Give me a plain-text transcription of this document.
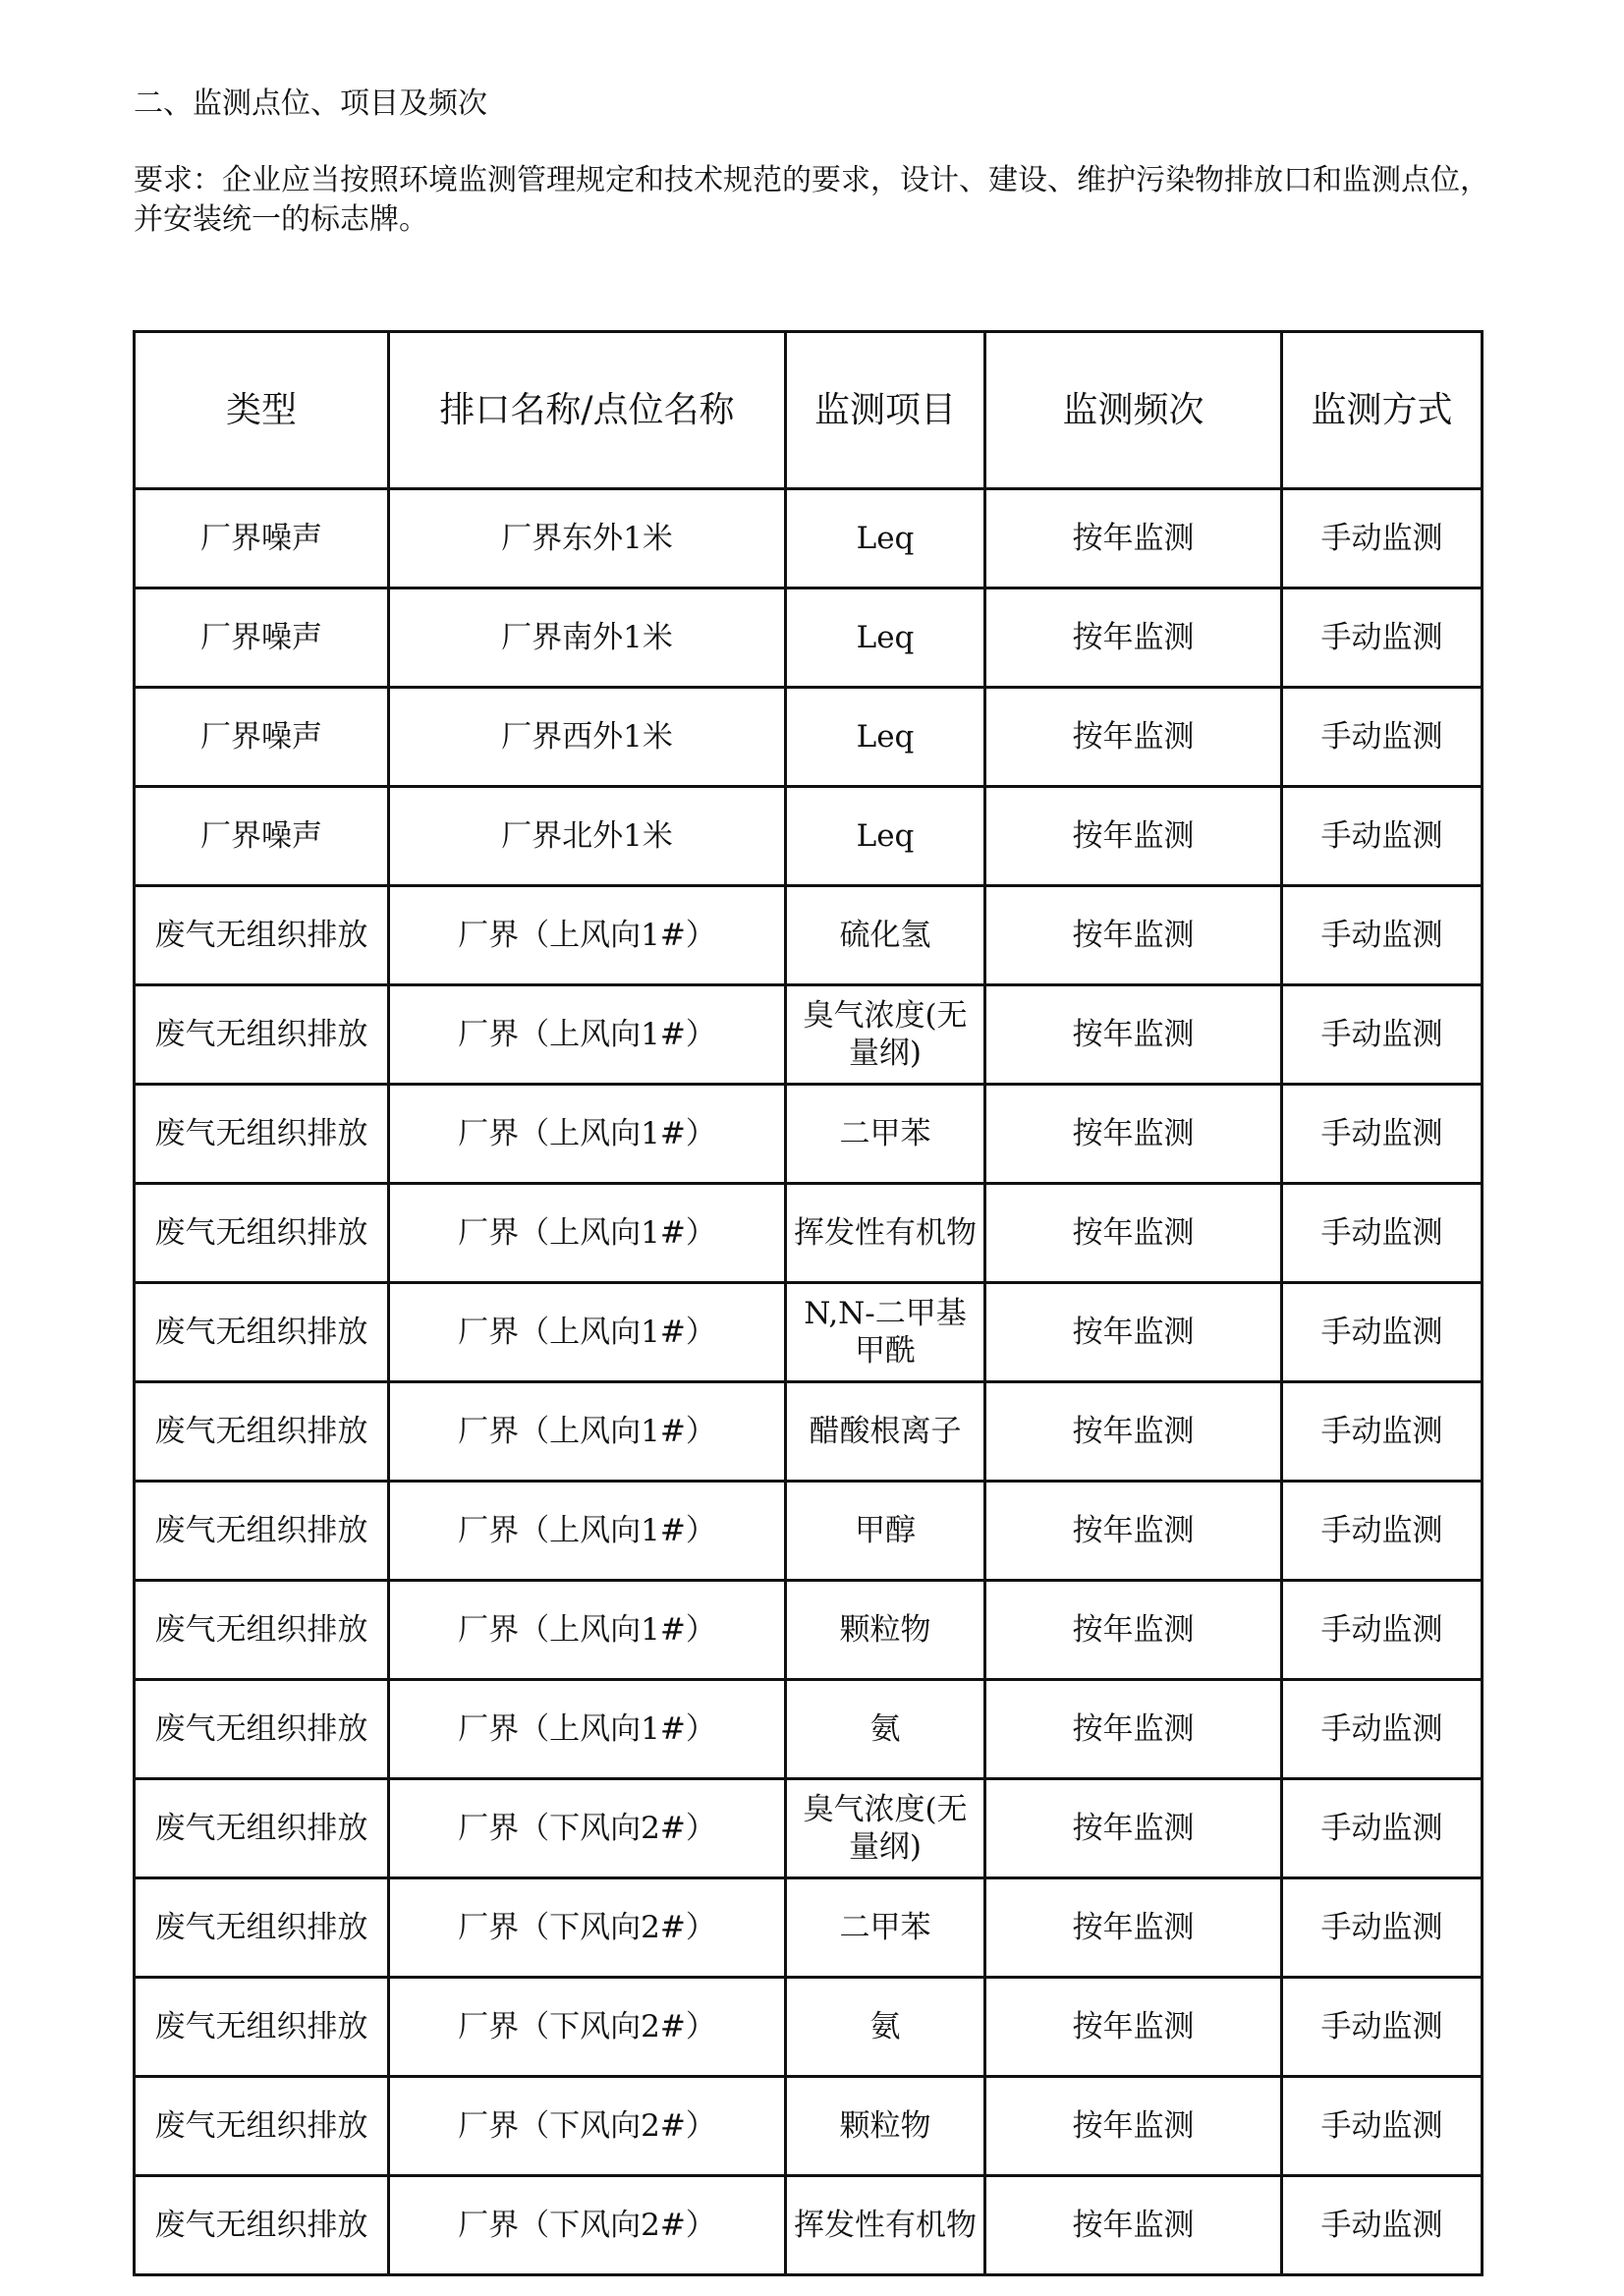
二、监测点位、项目及频次

要求：企业应当按照环境监测管理规定和技术规范的要求，设计、建设、维护污染物排放口和监测点位，并安装统一的标志牌。

类型	排口名称/点位名称	监测项目	监测频次	监测方式
厂界噪声	厂界东外1米	Leq	按年监测	手动监测
厂界噪声	厂界南外1米	Leq	按年监测	手动监测
厂界噪声	厂界西外1米	Leq	按年监测	手动监测
厂界噪声	厂界北外1米	Leq	按年监测	手动监测
废气无组织排放	厂界（上风向1#）	硫化氢	按年监测	手动监测
废气无组织排放	厂界（上风向1#）	臭气浓度(无量纲)	按年监测	手动监测
废气无组织排放	厂界（上风向1#）	二甲苯	按年监测	手动监测
废气无组织排放	厂界（上风向1#）	挥发性有机物	按年监测	手动监测
废气无组织排放	厂界（上风向1#）	N,N-二甲基甲酰	按年监测	手动监测
废气无组织排放	厂界（上风向1#）	醋酸根离子	按年监测	手动监测
废气无组织排放	厂界（上风向1#）	甲醇	按年监测	手动监测
废气无组织排放	厂界（上风向1#）	颗粒物	按年监测	手动监测
废气无组织排放	厂界（上风向1#）	氨	按年监测	手动监测
废气无组织排放	厂界（下风向2#）	臭气浓度(无量纲)	按年监测	手动监测
废气无组织排放	厂界（下风向2#）	二甲苯	按年监测	手动监测
废气无组织排放	厂界（下风向2#）	氨	按年监测	手动监测
废气无组织排放	厂界（下风向2#）	颗粒物	按年监测	手动监测
废气无组织排放	厂界（下风向2#）	挥发性有机物	按年监测	手动监测
